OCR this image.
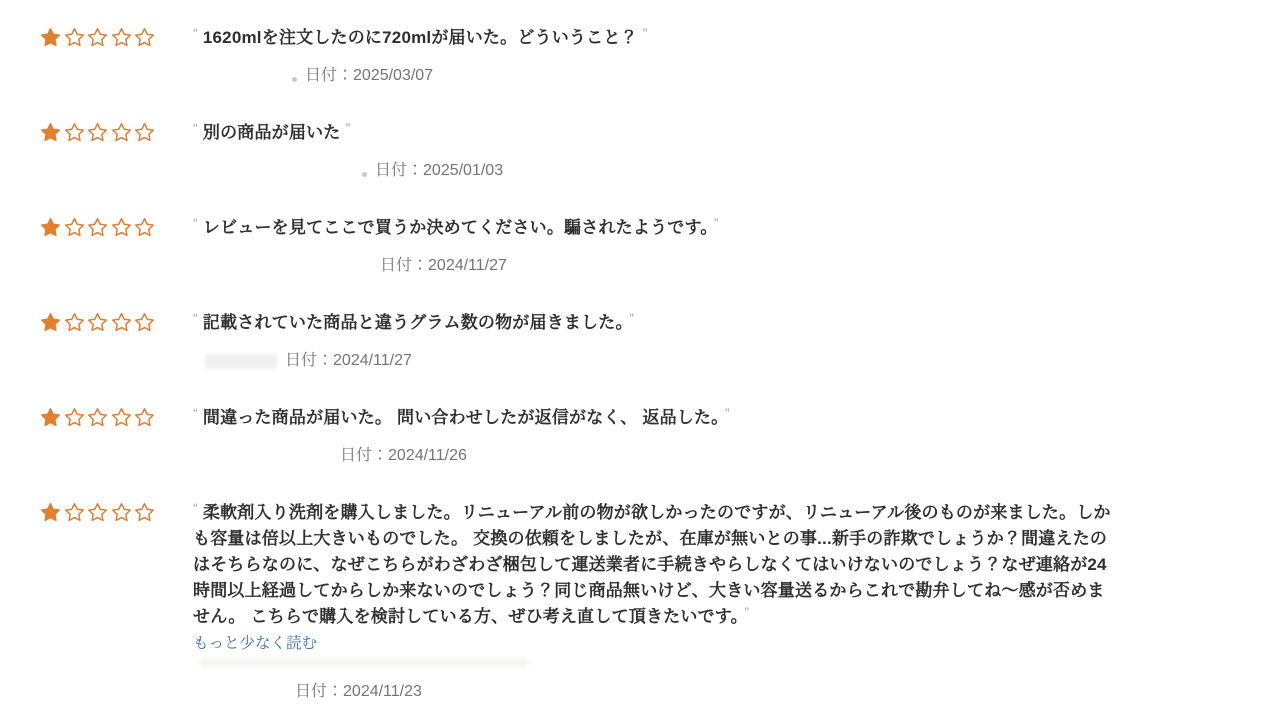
“ 1620mlを注文したのに720mlが届いた。どういうこと？ ”

日付： 2025/03/07

“ 別の商品が届いた ”

日付： 2025/01/03

“ レビューを見てここで買うか決めてください。騙されたようです。 ”

日付： 2024/11/27

“ 記載されていた商品と違うグラム数の物が届きました。 ”

日付： 2024/11/27

“ 間違った商品が届いた。 問い合わせしたが返信がなく、 返品した。 ”

日付： 2024/11/26

“ 柔軟剤入り洗剤を購入しました。リニューアル前の物が欲しかったのですが、リニューアル後のものが来ました。しかも容量は倍以上大きいものでした。 交換の依頼をしましたが、在庫が無いとの事...新手の詐欺でしょうか？間違えたのはそちらなのに、なぜこちらがわざわざ梱包して運送業者に手続きやらしなくてはいけないのでしょう？なぜ連絡が24時間以上経過してからしか来ないのでしょう？同じ商品無いけど、大きい容量送るからこれで勘弁してね〜感が否めません。 こちらで購入を検討している方、ぜひ考え直して頂きたいです。 ”

もっと少なく読む
日付： 2024/11/23
